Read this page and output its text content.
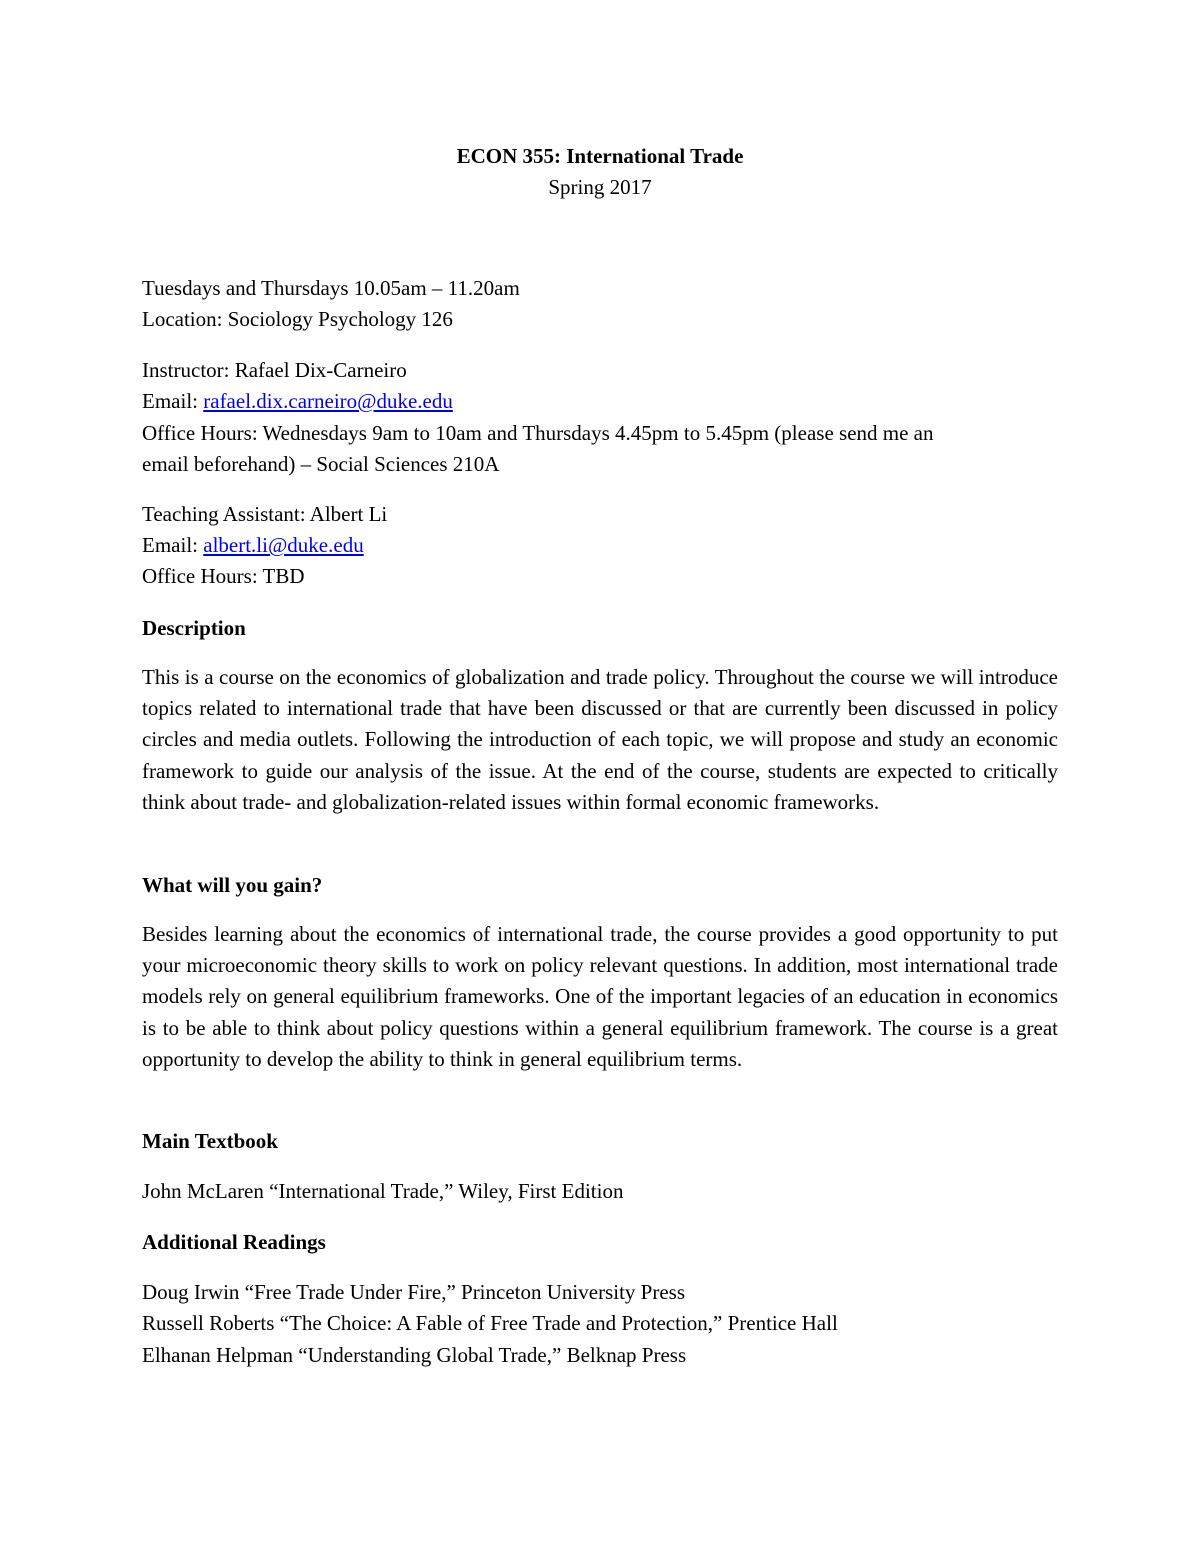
ECON 355: International Trade
Spring 2017
Tuesdays and Thursdays 10.05am – 11.20am
Location: Sociology Psychology 126
Instructor: Rafael Dix-Carneiro
Email: rafael.dix.carneiro@duke.edu
Office Hours: Wednesdays 9am to 10am and Thursdays 4.45pm to 5.45pm (please send me an
email beforehand) – Social Sciences 210A
Teaching Assistant: Albert Li
Email: albert.li@duke.edu
Office Hours: TBD
Description
This is a course on the economics of globalization and trade policy. Throughout the course we will introduce topics related to international trade that have been discussed or that are currently been discussed in policy circles and media outlets. Following the introduction of each topic, we will propose and study an economic framework to guide our analysis of the issue. At the end of the course, students are expected to critically think about trade- and globalization-related issues within formal economic frameworks.
What will you gain?
Besides learning about the economics of international trade, the course provides a good opportunity to put your microeconomic theory skills to work on policy relevant questions. In addition, most international trade models rely on general equilibrium frameworks. One of the important legacies of an education in economics is to be able to think about policy questions within a general equilibrium framework. The course is a great opportunity to develop the ability to think in general equilibrium terms.
Main Textbook
John McLaren “International Trade,” Wiley, First Edition
Additional Readings
Doug Irwin “Free Trade Under Fire,” Princeton University Press
Russell Roberts “The Choice: A Fable of Free Trade and Protection,” Prentice Hall
Elhanan Helpman “Understanding Global Trade,” Belknap Press
